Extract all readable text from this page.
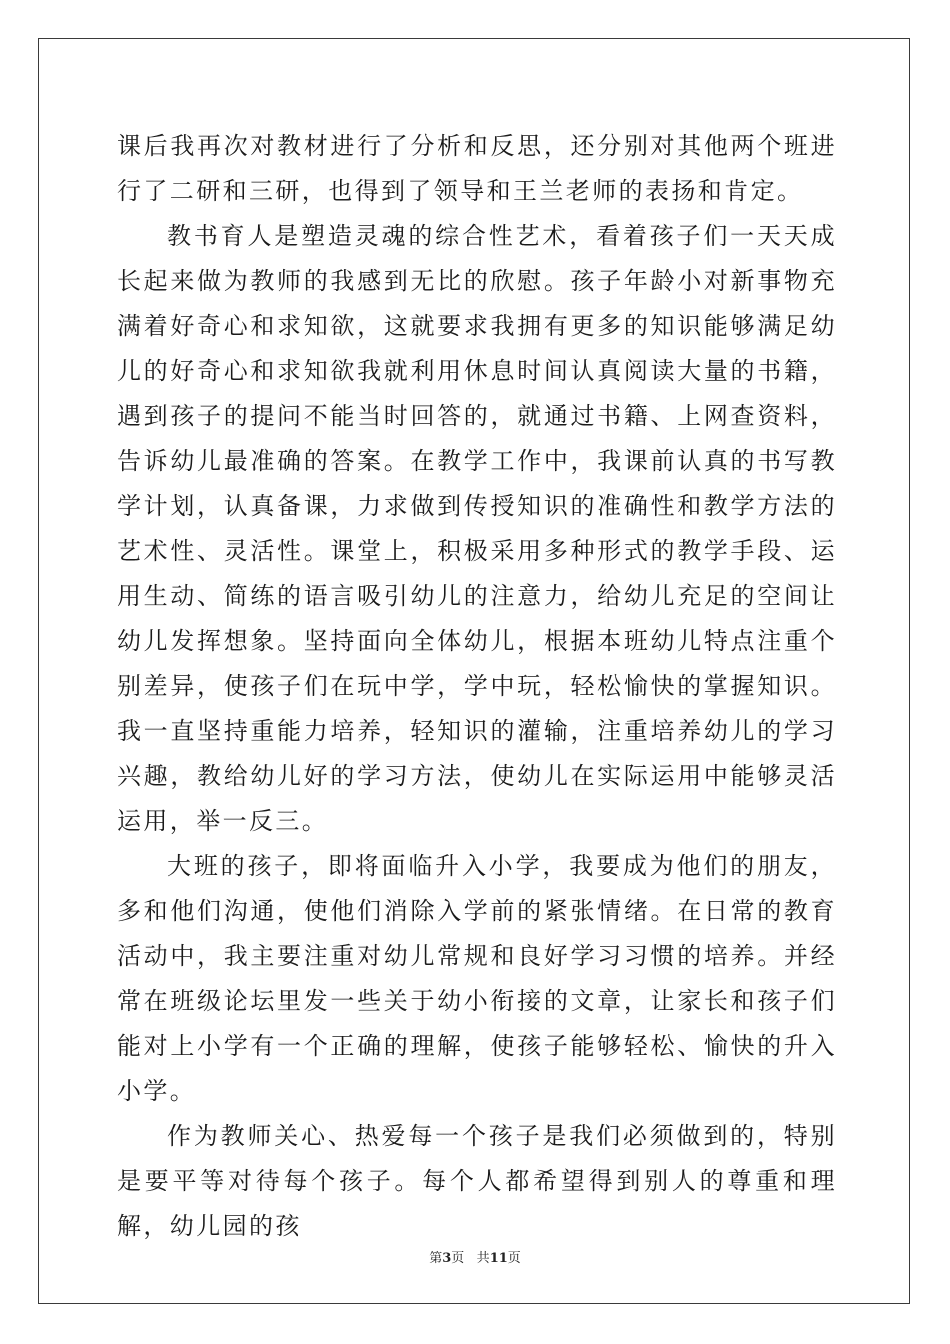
课后我再次对教材进行了分析和反思，还分别对其他两个班进行了二研和三研，也得到了领导和王兰老师的表扬和肯定。

教书育人是塑造灵魂的综合性艺术，看着孩子们一天天成长起来做为教师的我感到无比的欣慰。孩子年龄小对新事物充满着好奇心和求知欲，这就要求我拥有更多的知识能够满足幼儿的好奇心和求知欲我就利用休息时间认真阅读大量的书籍，遇到孩子的提问不能当时回答的，就通过书籍、上网查资料，告诉幼儿最准确的答案。在教学工作中，我课前认真的书写教学计划，认真备课，力求做到传授知识的准确性和教学方法的艺术性、灵活性。课堂上，积极采用多种形式的教学手段、运用生动、简练的语言吸引幼儿的注意力，给幼儿充足的空间让幼儿发挥想象。坚持面向全体幼儿，根据本班幼儿特点注重个别差异，使孩子们在玩中学，学中玩，轻松愉快的掌握知识。我一直坚持重能力培养，轻知识的灌输，注重培养幼儿的学习兴趣，教给幼儿好的学习方法，使幼儿在实际运用中能够灵活运用，举一反三。

大班的孩子，即将面临升入小学，我要成为他们的朋友，多和他们沟通，使他们消除入学前的紧张情绪。在日常的教育活动中，我主要注重对幼儿常规和良好学习习惯的培养。并经常在班级论坛里发一些关于幼小衔接的文章，让家长和孩子们能对上小学有一个正确的理解，使孩子能够轻松、愉快的升入小学。

作为教师关心、热爱每一个孩子是我们必须做到的，特别是要平等对待每个孩子。每个人都希望得到别人的尊重和理解，幼儿园的孩

第3页 共11页
